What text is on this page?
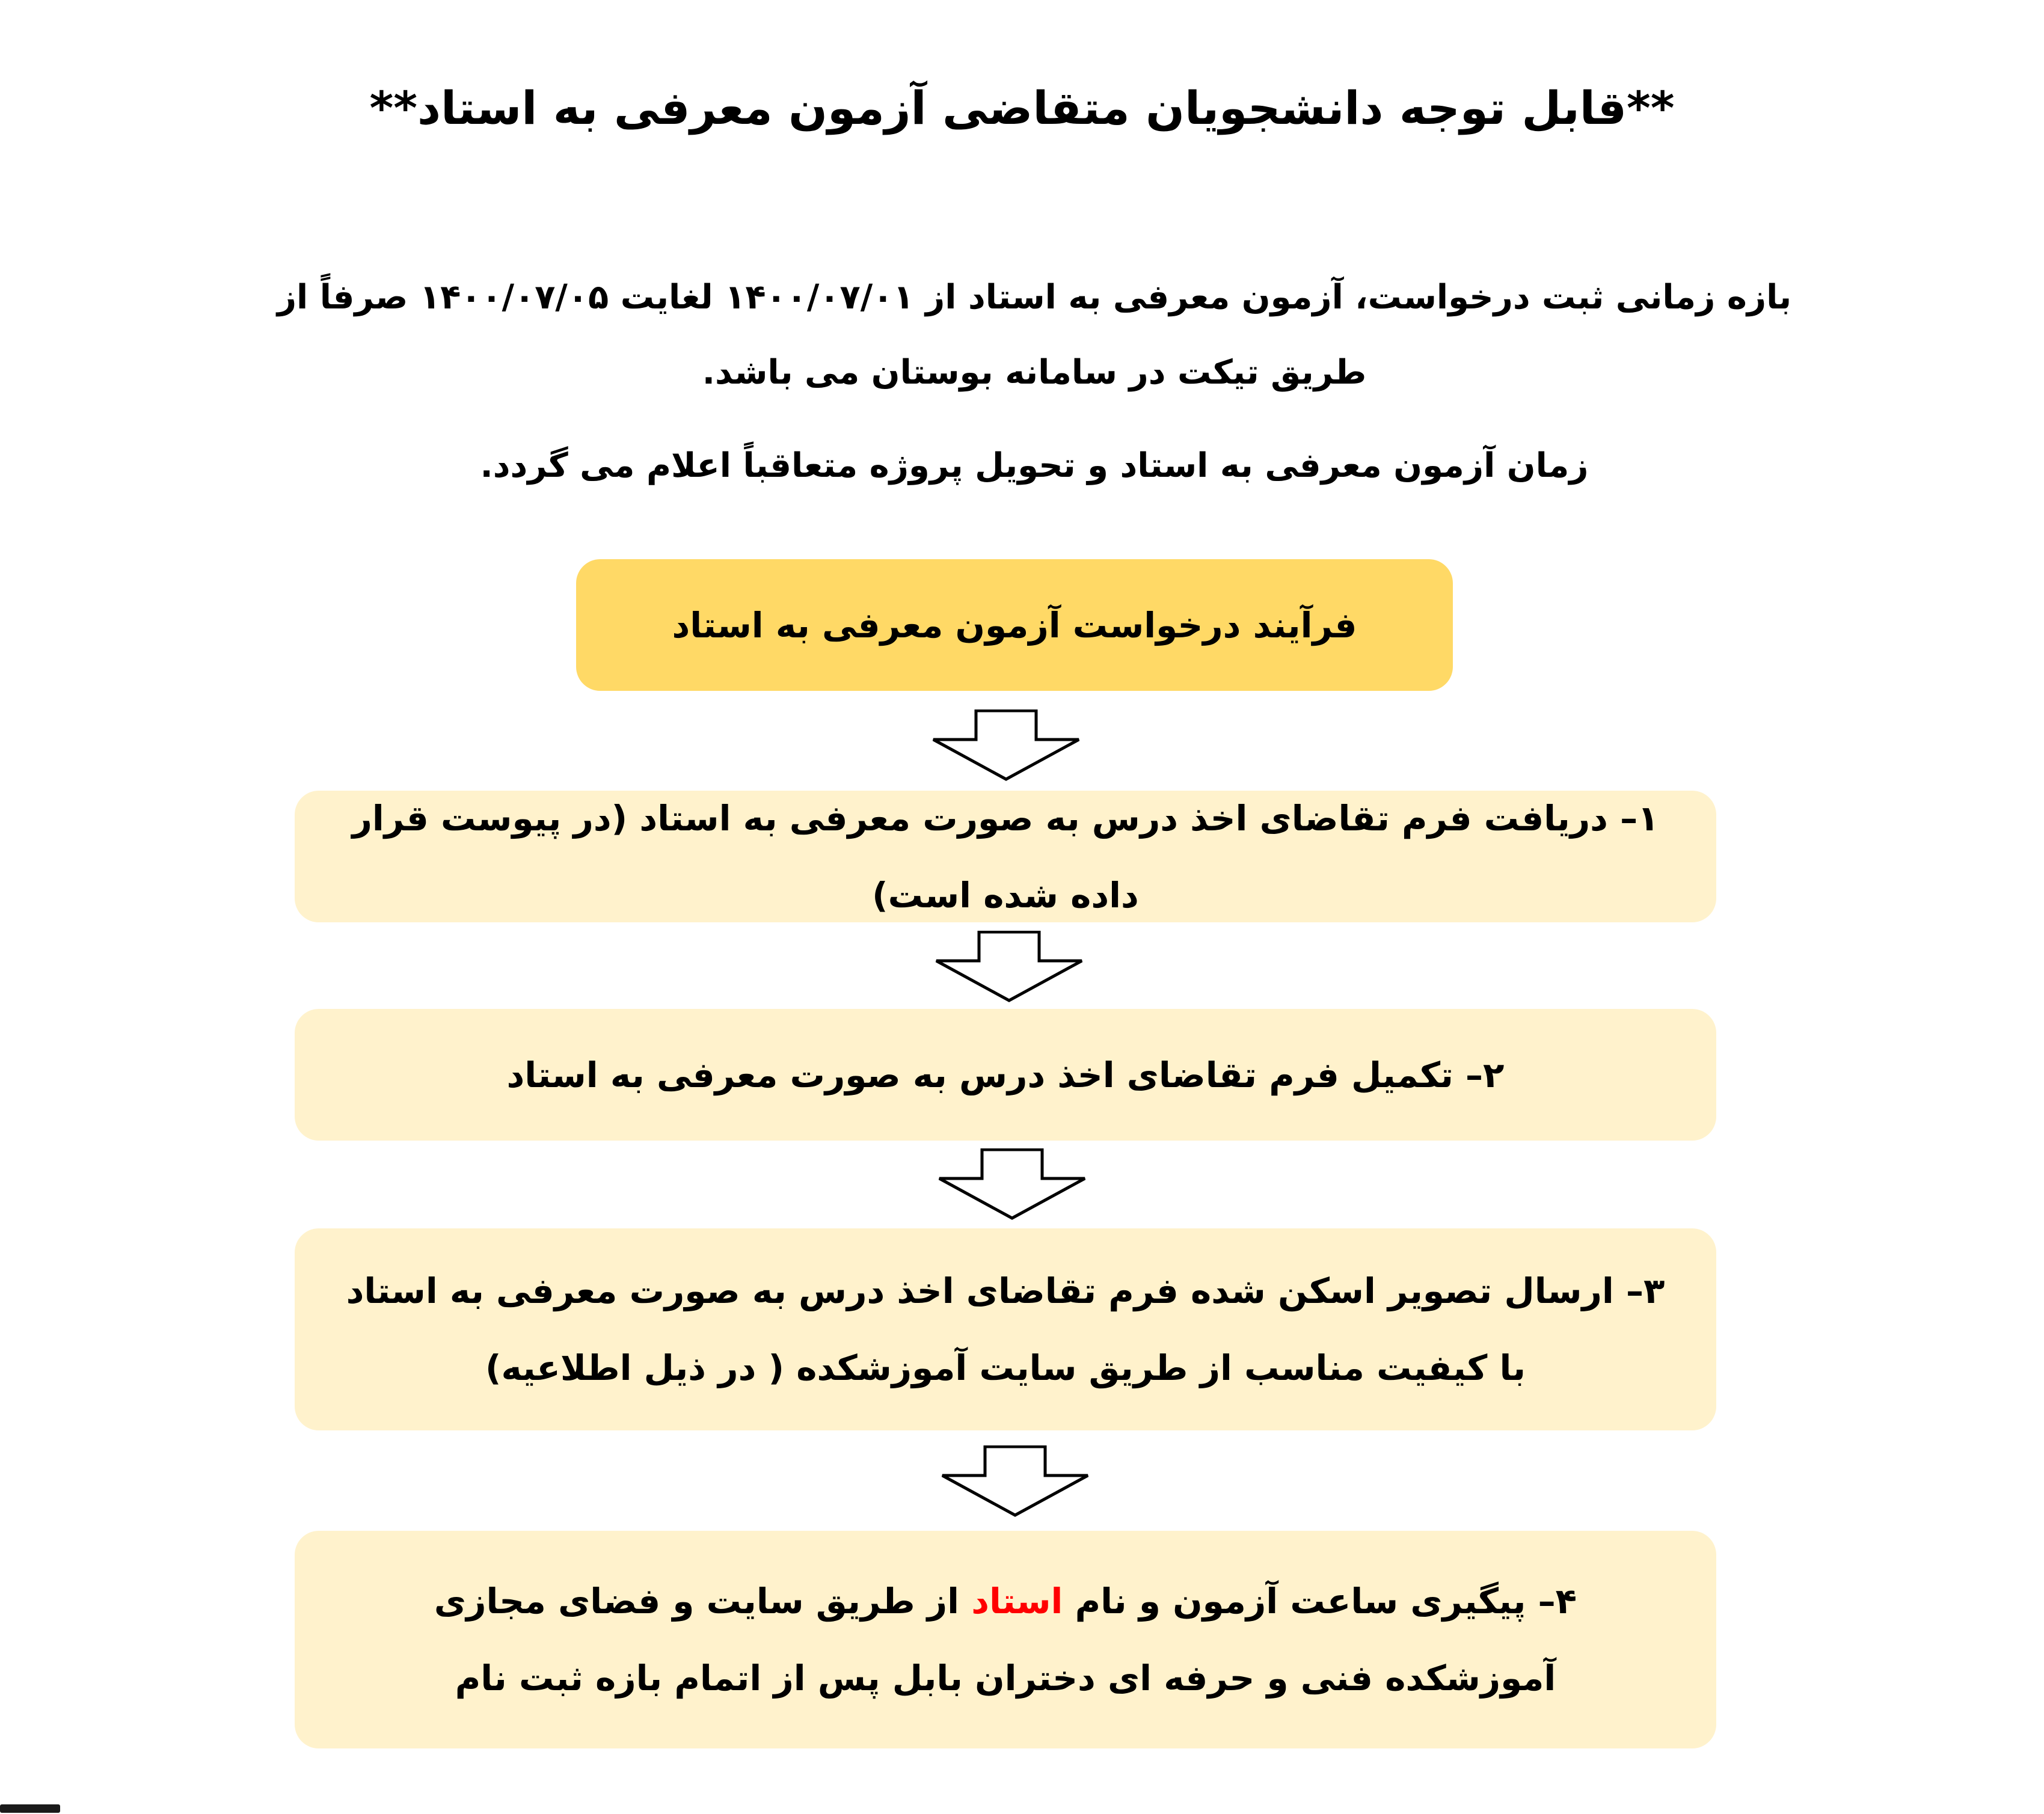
**قابل توجه دانشجویان متقاضی آزمون معرفی به استاد**
بازه زمانی ثبت درخواست، آزمون معرفی به استاد از ۱۴۰۰/۰۷/۰۱ لغایت ۱۴۰۰/۰۷/۰۵ صرفاً از طریق تیکت در سامانه بوستان می باشد.
زمان آزمون معرفی به استاد و تحویل پروژه متعاقباً اعلام می گردد.
فرآیند درخواست آزمون معرفی به استاد
۱– دریافت فرم تقاضای اخذ درس به صورت معرفی به استاد (در پیوست قرار داده شده است)
۲– تکمیل فرم تقاضای اخذ درس به صورت معرفی به استاد
۳– ارسال تصویر اسکن شده فرم تقاضای اخذ درس به صورت معرفی به استاد با کیفیت مناسب از طریق سایت آموزشکده ( در ذیل اطلاعیه)
۴– پیگیری ساعت آزمون و نام استاد از طریق سایت و فضای مجازی آموزشکده فنی و حرفه ای دختران بابل پس از اتمام بازه ثبت نام
